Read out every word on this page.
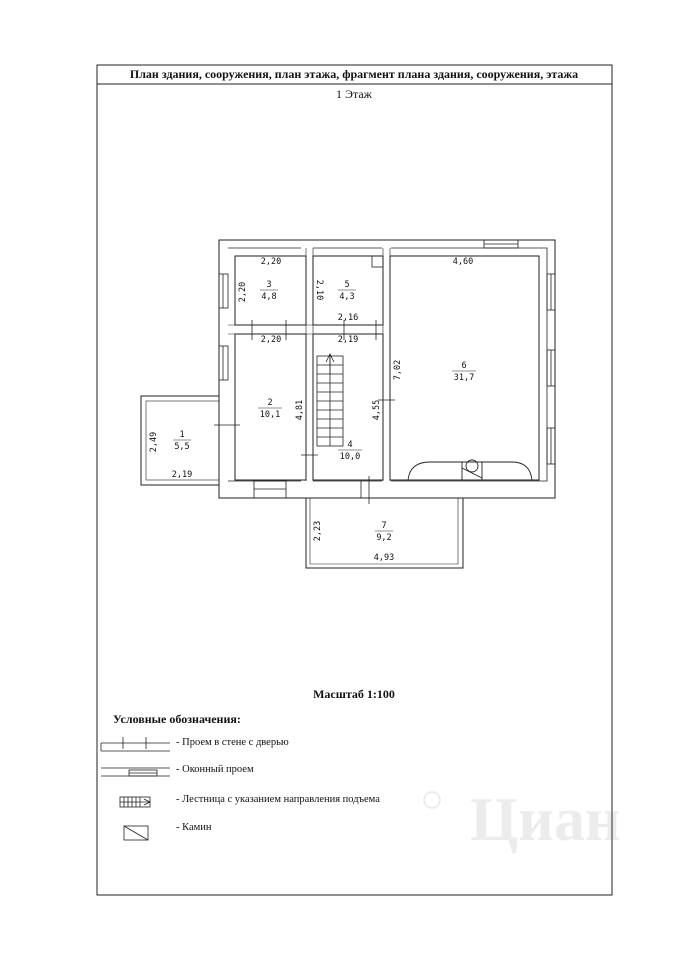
План здания, сооружения, план этажа, фрагмент плана здания, сооружения, этажа
1 Этаж
Циан
3
4,8
5
4,3
2
10,1
4
10,0
6
31,7
1
5,5
7
9,2
2,20
2,20
2,20
2,10
2,16
4,60
7,02
2,19
4,81	4,55
2,49
2,19
2,23
4,93
Масштаб 1:100
Условные обозначения:
- Проем в стене с дверью
- Оконный проем
- Лестница с указанием направления подъема
- Камин
